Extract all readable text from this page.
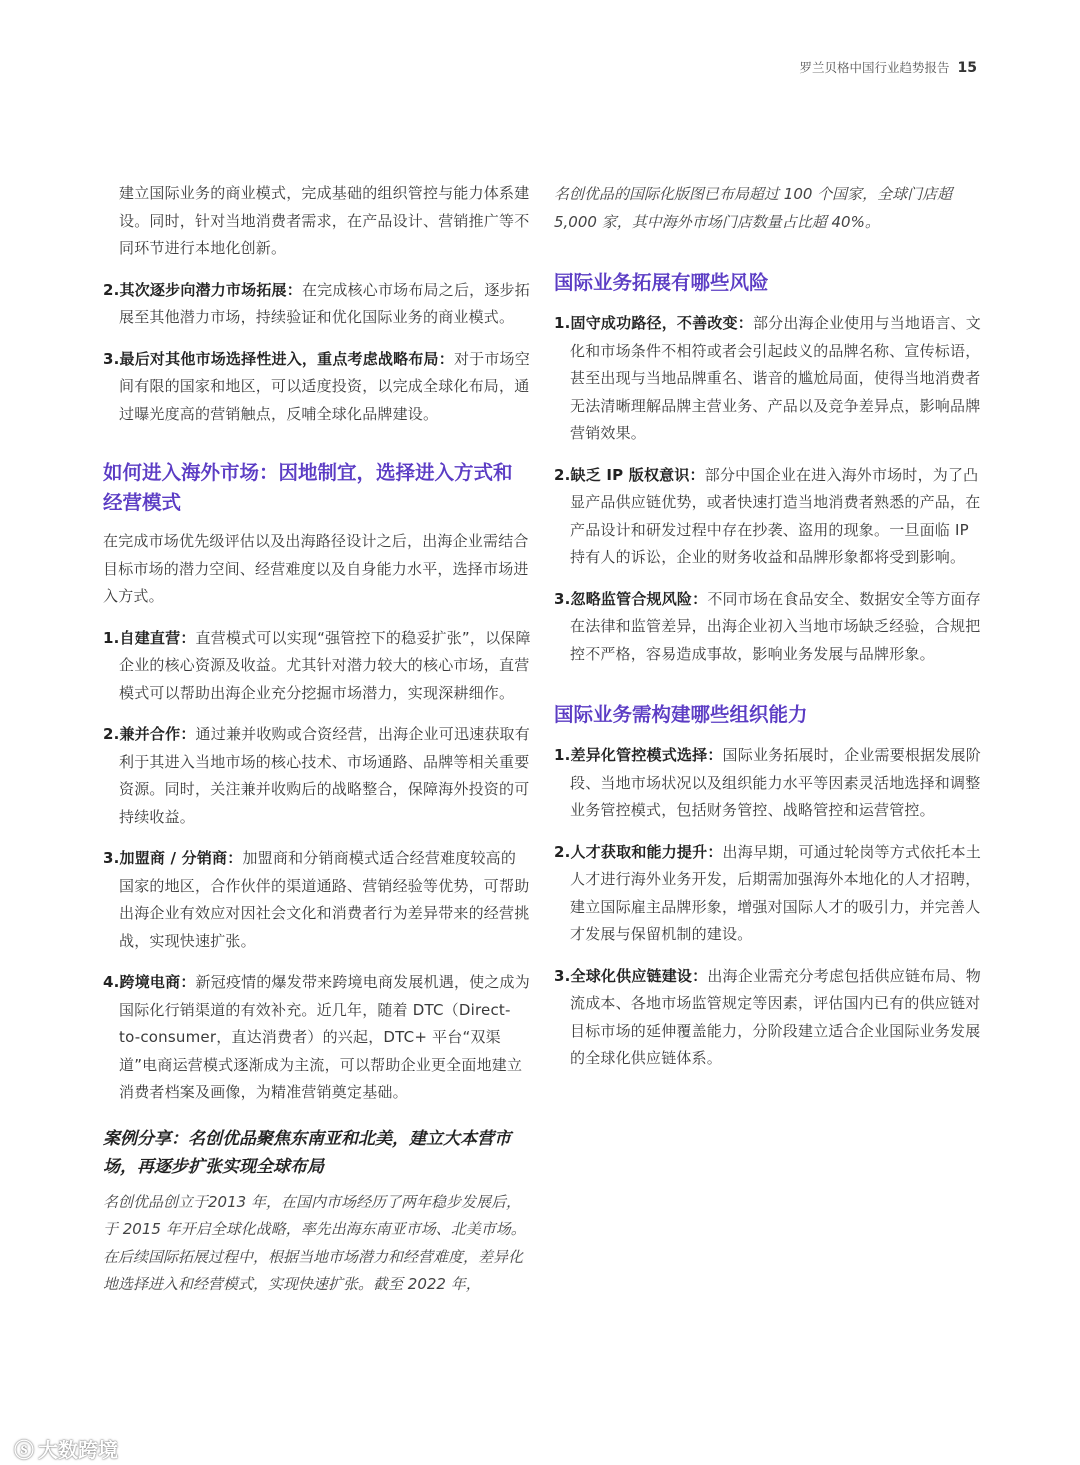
罗兰贝格中国行业趋势报告 15

建立国际业务的商业模式，完成基础的组织管控与能力体系建设。同时，针对当地消费者需求，在产品设计、营销推广等不同环节进行本地化创新。

2.其次逐步向潜力市场拓展：在完成核心市场布局之后，逐步拓展至其他潜力市场，持续验证和优化国际业务的商业模式。

3.最后对其他市场选择性进入，重点考虑战略布局：对于市场空间有限的国家和地区，可以适度投资，以完成全球化布局，通过曝光度高的营销触点，反哺全球化品牌建设。

如何进入海外市场：因地制宜，选择进入方式和经营模式

在完成市场优先级评估以及出海路径设计之后，出海企业需结合目标市场的潜力空间、经营难度以及自身能力水平，选择市场进入方式。

1.自建直营：直营模式可以实现“强管控下的稳妥扩张”，以保障企业的核心资源及收益。尤其针对潜力较大的核心市场，直营模式可以帮助出海企业充分挖掘市场潜力，实现深耕细作。

2.兼并合作：通过兼并收购或合资经营，出海企业可迅速获取有利于其进入当地市场的核心技术、市场通路、品牌等相关重要资源。同时，关注兼并收购后的战略整合，保障海外投资的可持续收益。

3.加盟商 / 分销商：加盟商和分销商模式适合经营难度较高的国家的地区，合作伙伴的渠道通路、营销经验等优势，可帮助出海企业有效应对因社会文化和消费者行为差异带来的经营挑战，实现快速扩张。

4.跨境电商：新冠疫情的爆发带来跨境电商发展机遇，使之成为国际化行销渠道的有效补充。近几年，随着 DTC（Direct-to-consumer，直达消费者）的兴起，DTC+ 平台“双渠道”电商运营模式逐渐成为主流，可以帮助企业更全面地建立消费者档案及画像，为精准营销奠定基础。

案例分享：名创优品聚焦东南亚和北美，建立大本营市场，再逐步扩张实现全球布局

名创优品创立于2013 年，在国内市场经历了两年稳步发展后，于 2015 年开启全球化战略，率先出海东南亚市场、北美市场。在后续国际拓展过程中，根据当地市场潜力和经营难度，差异化地选择进入和经营模式，实现快速扩张。截至 2022 年，

名创优品的国际化版图已布局超过 100 个国家，全球门店超 5,000 家，其中海外市场门店数量占比超 40%。

国际业务拓展有哪些风险

1.固守成功路径，不善改变：部分出海企业使用与当地语言、文化和市场条件不相符或者会引起歧义的品牌名称、宣传标语，甚至出现与当地品牌重名、谐音的尴尬局面，使得当地消费者无法清晰理解品牌主营业务、产品以及竞争差异点，影响品牌营销效果。

2.缺乏 IP 版权意识：部分中国企业在进入海外市场时，为了凸显产品供应链优势，或者快速打造当地消费者熟悉的产品，在产品设计和研发过程中存在抄袭、盗用的现象。一旦面临 IP 持有人的诉讼，企业的财务收益和品牌形象都将受到影响。

3.忽略监管合规风险：不同市场在食品安全、数据安全等方面存在法律和监管差异，出海企业初入当地市场缺乏经验，合规把控不严格，容易造成事故，影响业务发展与品牌形象。

国际业务需构建哪些组织能力

1.差异化管控模式选择：国际业务拓展时，企业需要根据发展阶段、当地市场状况以及组织能力水平等因素灵活地选择和调整业务管控模式，包括财务管控、战略管控和运营管控。

2.人才获取和能力提升：出海早期，可通过轮岗等方式依托本土人才进行海外业务开发，后期需加强海外本地化的人才招聘，建立国际雇主品牌形象，增强对国际人才的吸引力，并完善人才发展与保留机制的建设。

3.全球化供应链建设：出海企业需充分考虑包括供应链布局、物流成本、各地市场监管规定等因素，评估国内已有的供应链对目标市场的延伸覆盖能力，分阶段建立适合企业国际业务发展的全球化供应链体系。

ⓢ 大数跨境
